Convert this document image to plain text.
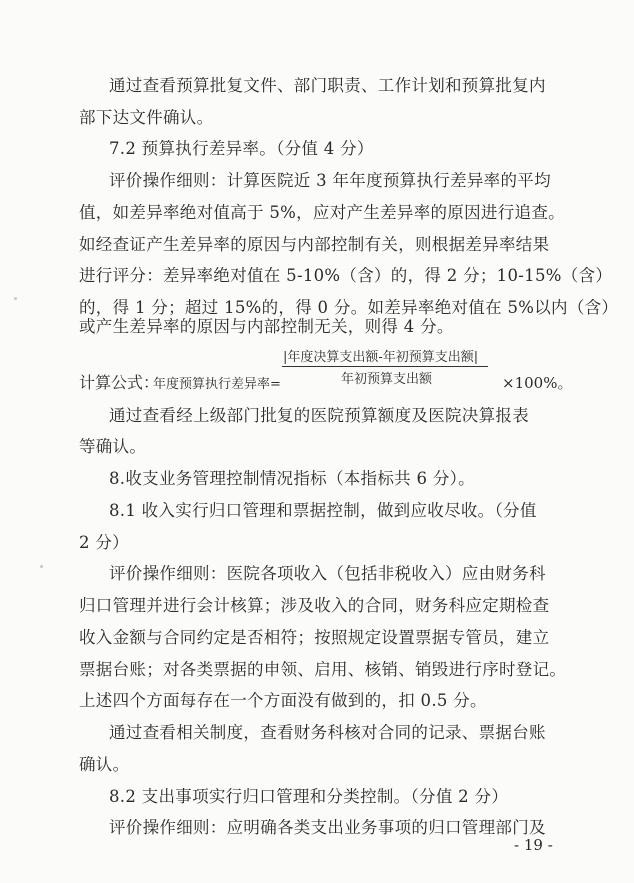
通过查看预算批复文件、部门职责、工作计划和预算批复内
部下达文件确认。
7.2 预算执行差异率。（分值 4 分）
评价操作细则：计算医院近 3 年年度预算执行差异率的平均
值，如差异率绝对值高于 5%，应对产生差异率的原因进行追查。
如经查证产生差异率的原因与内部控制有关，则根据差异率结果
进行评分：差异率绝对值在 5-10%（含）的，得 2 分；10-15%（含）
的，得 1 分；超过 15%的，得 0 分。如差异率绝对值在 5%以内（含）
或产生差异率的原因与内部控制无关，则得 4 分。
计算公式：
年度预算执行差异率=
|年度决算支出额-年初预算支出额|
年初预算支出额	×100%。
通过查看经上级部门批复的医院预算额度及医院决算报表
等确认。
8.收支业务管理控制情况指标（本指标共 6 分）。
8.1 收入实行归口管理和票据控制，做到应收尽收。（分值
2 分）
评价操作细则：医院各项收入（包括非税收入）应由财务科
归口管理并进行会计核算；涉及收入的合同，财务科应定期检查
收入金额与合同约定是否相符；按照规定设置票据专管员，建立
票据台账；对各类票据的申领、启用、核销、销毁进行序时登记。
上述四个方面每存在一个方面没有做到的，扣 0.5 分。
通过查看相关制度，查看财务科核对合同的记录、票据台账
确认。
8.2 支出事项实行归口管理和分类控制。（分值 2 分）
评价操作细则：应明确各类支出业务事项的归口管理部门及
- 19 -
